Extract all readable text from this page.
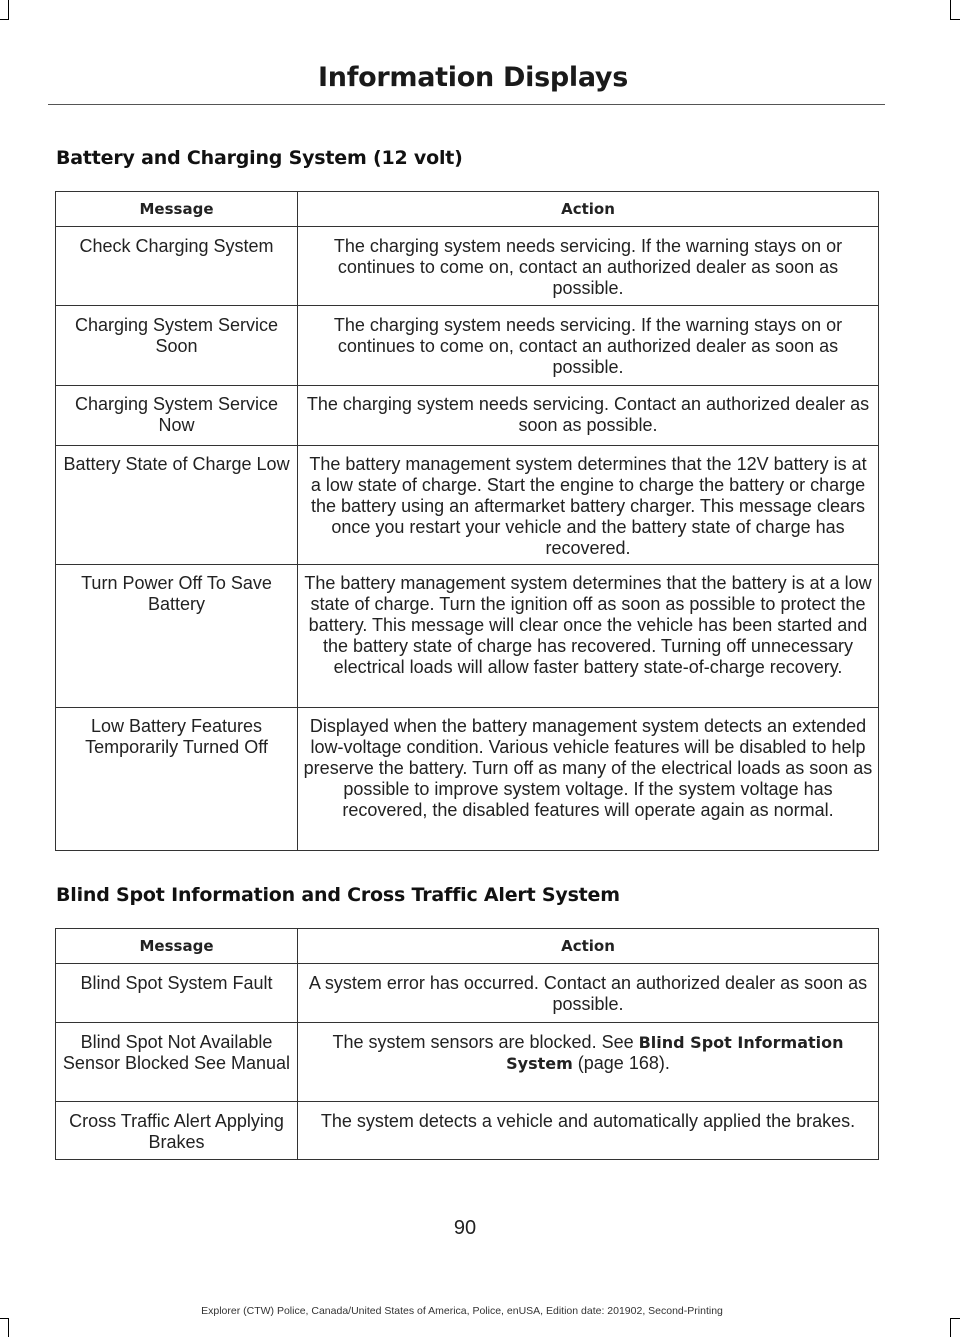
Information Displays
Battery and Charging System (12 volt)
Message	Action
Check Charging System	The charging system needs servicing. If the warning stays on or continues to come on, contact an authorized dealer as soon as possible.
Charging System Service Soon	The charging system needs servicing. If the warning stays on or continues to come on, contact an authorized dealer as soon as possible.
Charging System Service Now	The charging system needs servicing. Contact an authorized dealer as soon as possible.
Battery State of Charge Low	The battery management system determines that the 12V battery is at a low state of charge. Start the engine to charge the battery or charge the battery using an aftermarket battery charger. This message clears once you restart your vehicle and the battery state of charge has recovered.
Turn Power Off To Save Battery	The battery management system determines that the battery is at a low state of charge. Turn the ignition off as soon as possible to protect the battery. This message will clear once the vehicle has been started and the battery state of charge has recovered. Turning off unnecessary electrical loads will allow faster battery state-of-charge recovery.
Low Battery Features Temporarily Turned Off	Displayed when the battery management system detects an extended low-voltage condition. Various vehicle features will be disabled to help preserve the battery. Turn off as many of the electrical loads as soon as possible to improve system voltage. If the system voltage has recovered, the disabled features will operate again as normal.
Blind Spot Information and Cross Traffic Alert System
Message	Action
Blind Spot System Fault	A system error has occurred. Contact an authorized dealer as soon as possible.
Blind Spot Not Available Sensor Blocked See Manual	The system sensors are blocked. See Blind Spot Information System (page 168).
Cross Traffic Alert Applying Brakes	The system detects a vehicle and automatically applied the brakes.
90
Explorer (CTW) Police, Canada/United States of America, Police, enUSA, Edition date: 201902, Second-Printing
